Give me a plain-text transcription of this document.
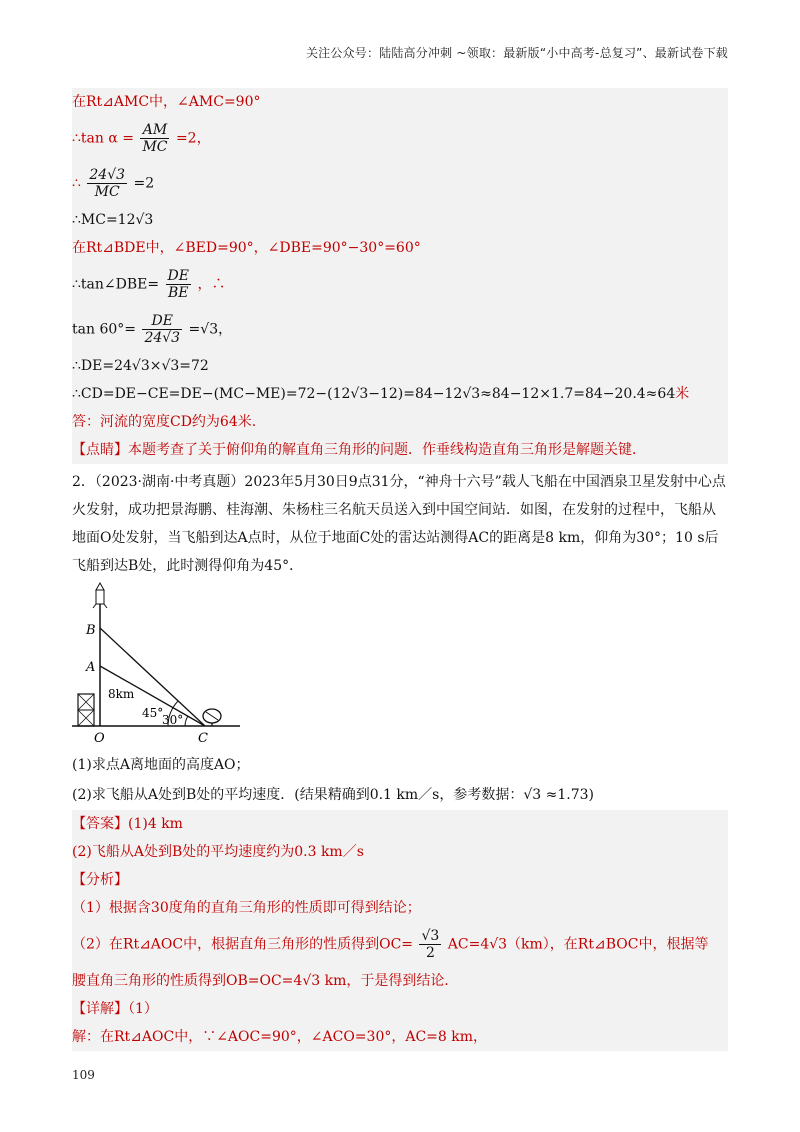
关注公众号：陆陆高分冲刺 ~领取：最新版“小中高考-总复习”、最新试卷下载
在Rt⊿AMC中，∠AMC=90°
∴tan $\alpha = \frac{AM}{MC} =2$，
∴ $\frac{24√3}{MC} =2$
∴MC=12√3
在Rt⊿BDE中，∠BED=90°，∠DBE=90°−30°=60°
∴tan∠DBE= $\frac{DE}{BE}$ ，∴
$\tan 60^\circ= \frac{DE}{24√3} =√3$，
∴DE=24√3×√3=72
∴CD=DE−CE=DE−(MC−ME)=72−(12√3−12)=84−12√3≈84−12×1.7=84−20.4≈64米
答：河流的宽度CD约为64米.
【点睛】本题考查了关于俯仰角的解直角三角形的问题．作垂线构造直角三角形是解题关键．
2．（2023·湖南·中考真题）2023年5月30日9点31分，“神舟十六号”载人飞船在中国酒泉卫星发射中心点火发射，成功把景海鹏、桂海潮、朱杨柱三名航天员送入到中国空间站．如图，在发射的过程中，飞船从地面O处发射，当飞船到达A点时，从位于地面C处的雷达站测得AC的距离是8 km，仰角为30°；10 s后飞船到达B处，此时测得仰角为45°．
B
A
8km
45°
30°
O	C
(1)求点A离地面的高度AO；
(2)求飞船从A处到B处的平均速度．(结果精确到0.1 km／s，参考数据：√3 ≈1.73)
【答案】(1)4 km
(2)飞船从A处到B处的平均速度约为0.3 km／s
【分析】
（1）根据含30度角的直角三角形的性质即可得到结论；
（2）在Rt⊿AOC中，根据直角三角形的性质得到$OC= \frac{√3}{2} AC=4√3(km)$，在Rt⊿BOC中，根据等
腰直角三角形的性质得到OB=OC=4√3 km，于是得到结论．
【详解】（1）
解：在Rt⊿AOC中，∵∠AOC=90°，∠ACO=30°，AC=8 km，
109
